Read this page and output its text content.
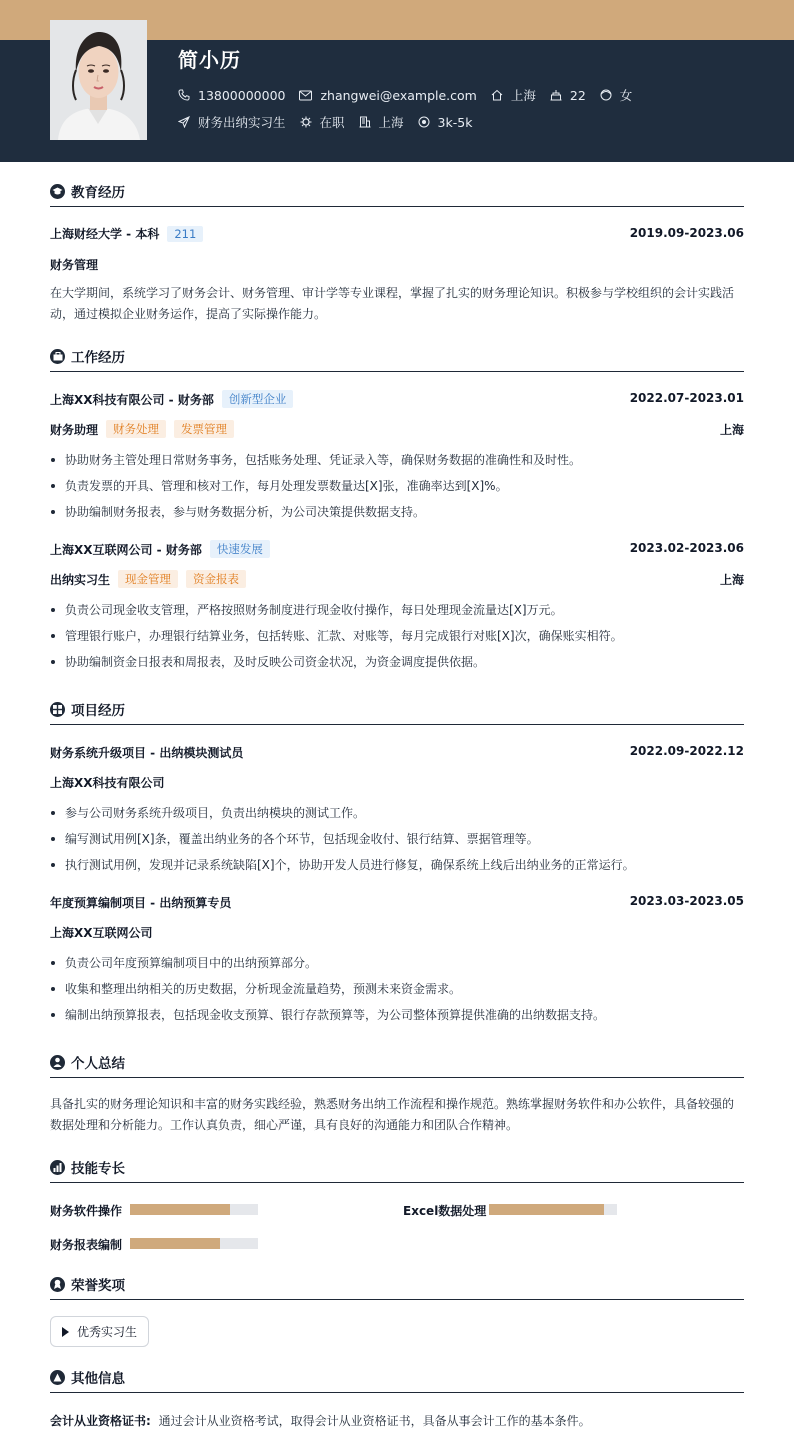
简小历
13800000000	zhangwei@example.com	上海	22	女
财务出纳实习生	在职	上海	3k-5k
教育经历
上海财经大学 - 本科	211	2019.09-2023.06
财务管理
在大学期间，系统学习了财务会计、财务管理、审计学等专业课程，掌握了扎实的财务理论知识。积极参与学校组织的会计实践活动，通过模拟企业财务运作，提高了实际操作能力。
工作经历
上海XX科技有限公司 - 财务部	创新型企业	2022.07-2023.01
财务助理	财务处理	发票管理	上海
协助财务主管处理日常财务事务，包括账务处理、凭证录入等，确保财务数据的准确性和及时性。
负责发票的开具、管理和核对工作，每月处理发票数量达[X]张，准确率达到[X]%。
协助编制财务报表，参与财务数据分析，为公司决策提供数据支持。
上海XX互联网公司 - 财务部	快速发展	2023.02-2023.06
出纳实习生	现金管理	资金报表	上海
负责公司现金收支管理，严格按照财务制度进行现金收付操作，每日处理现金流量达[X]万元。
管理银行账户，办理银行结算业务，包括转账、汇款、对账等，每月完成银行对账[X]次，确保账实相符。
协助编制资金日报表和周报表，及时反映公司资金状况，为资金调度提供依据。
项目经历
财务系统升级项目 - 出纳模块测试员	2022.09-2022.12
上海XX科技有限公司
参与公司财务系统升级项目，负责出纳模块的测试工作。
编写测试用例[X]条，覆盖出纳业务的各个环节，包括现金收付、银行结算、票据管理等。
执行测试用例，发现并记录系统缺陷[X]个，协助开发人员进行修复，确保系统上线后出纳业务的正常运行。
年度预算编制项目 - 出纳预算专员	2023.03-2023.05
上海XX互联网公司
负责公司年度预算编制项目中的出纳预算部分。
收集和整理出纳相关的历史数据，分析现金流量趋势，预测未来资金需求。
编制出纳预算报表，包括现金收支预算、银行存款预算等，为公司整体预算提供准确的出纳数据支持。
个人总结
具备扎实的财务理论知识和丰富的财务实践经验，熟悉财务出纳工作流程和操作规范。熟练掌握财务软件和办公软件，具备较强的数据处理和分析能力。工作认真负责，细心严谨，具有良好的沟通能力和团队合作精神。
技能专长
财务软件操作	Excel数据处理
财务报表编制
荣誉奖项
优秀实习生
其他信息
会计从业资格证书: 通过会计从业资格考试，取得会计从业资格证书，具备从事会计工作的基本条件。
